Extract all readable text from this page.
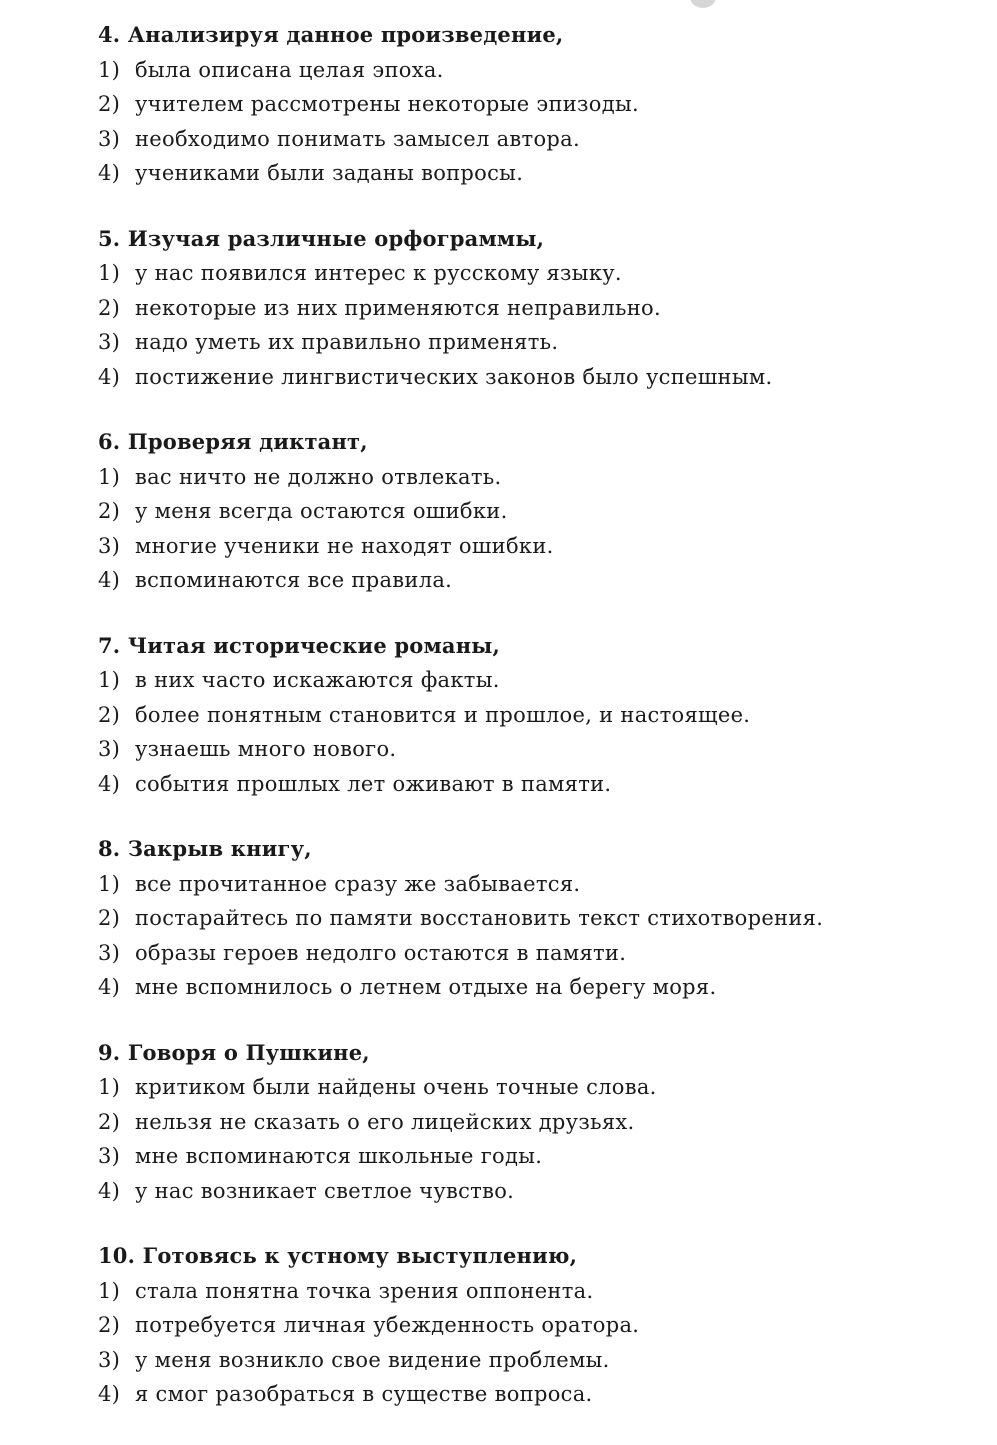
4. Анализируя данное произведение,
1) была описана целая эпоха.
2) учителем рассмотрены некоторые эпизоды.
3) необходимо понимать замысел автора.
4) учениками были заданы вопросы.
5. Изучая различные орфограммы,
1) у нас появился интерес к русскому языку.
2) некоторые из них применяются неправильно.
3) надо уметь их правильно применять.
4) постижение лингвистических законов было успешным.
6. Проверяя диктант,
1) вас ничто не должно отвлекать.
2) у меня всегда остаются ошибки.
3) многие ученики не находят ошибки.
4) вспоминаются все правила.
7. Читая исторические романы,
1) в них часто искажаются факты.
2) более понятным становится и прошлое, и настоящее.
3) узнаешь много нового.
4) события прошлых лет оживают в памяти.
8. Закрыв книгу,
1) все прочитанное сразу же забывается.
2) постарайтесь по памяти восстановить текст стихотворения.
3) образы героев недолго остаются в памяти.
4) мне вспомнилось о летнем отдыхе на берегу моря.
9. Говоря о Пушкине,
1) критиком были найдены очень точные слова.
2) нельзя не сказать о его лицейских друзьях.
3) мне вспоминаются школьные годы.
4) у нас возникает светлое чувство.
10. Готовясь к устному выступлению,
1) стала понятна точка зрения оппонента.
2) потребуется личная убежденность оратора.
3) у меня возникло свое видение проблемы.
4) я смог разобраться в существе вопроса.
